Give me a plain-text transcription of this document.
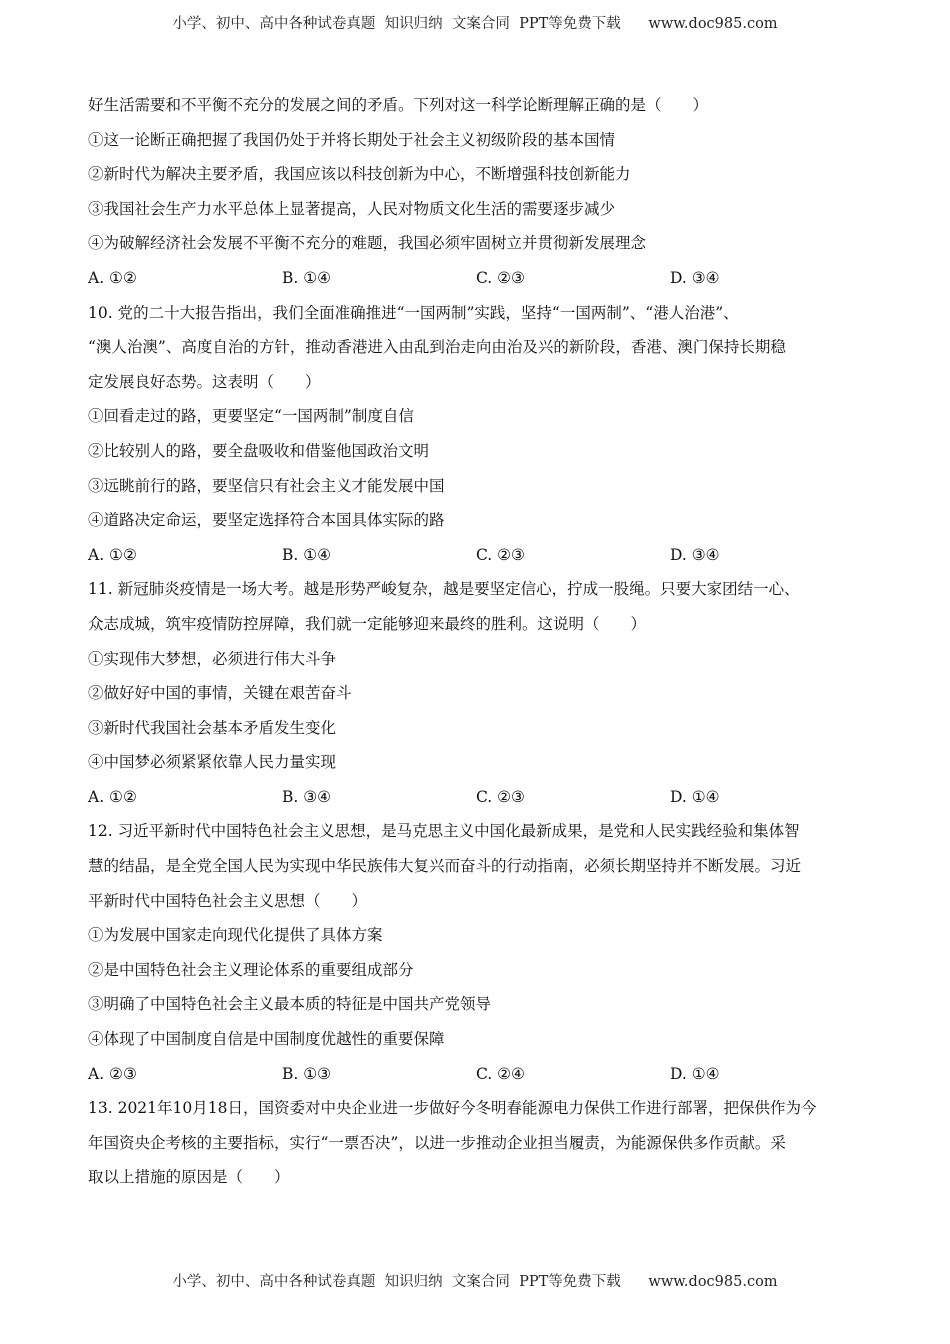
小学、初中、高中各种试卷真题  知识归纳  文案合同  PPT等免费下载      www.doc985.com
好生活需要和不平衡不充分的发展之间的矛盾。下列对这一科学论断理解正确的是（　　）
①这一论断正确把握了我国仍处于并将长期处于社会主义初级阶段的基本国情
②新时代为解决主要矛盾，我国应该以科技创新为中心，不断增强科技创新能力
③我国社会生产力水平总体上显著提高，人民对物质文化生活的需要逐步减少
④为破解经济社会发展不平衡不充分的难题，我国必须牢固树立并贯彻新发展理念
A. ①②	B. ①④	C. ②③	D. ③④
10. 党的二十大报告指出，我们全面准确推进“一国两制”实践，坚持“一国两制”、“港人治港”、
“澳人治澳”、高度自治的方针，推动香港进入由乱到治走向由治及兴的新阶段，香港、澳门保持长期稳
定发展良好态势。这表明（　　）
①回看走过的路，更要坚定“一国两制”制度自信
②比较别人的路，要全盘吸收和借鉴他国政治文明
③远眺前行的路，要坚信只有社会主义才能发展中国
④道路决定命运，要坚定选择符合本国具体实际的路
A. ①②	B. ①④	C. ②③	D. ③④
11. 新冠肺炎疫情是一场大考。越是形势严峻复杂，越是要坚定信心，拧成一股绳。只要大家团结一心、
众志成城，筑牢疫情防控屏障，我们就一定能够迎来最终的胜利。这说明（　　）
①实现伟大梦想，必须进行伟大斗争
②做好好中国的事情，关键在艰苦奋斗
③新时代我国社会基本矛盾发生变化
④中国梦必须紧紧依靠人民力量实现
A. ①②	B. ③④	C. ②③	D. ①④
12. 习近平新时代中国特色社会主义思想，是马克思主义中国化最新成果，是党和人民实践经验和集体智
慧的结晶，是全党全国人民为实现中华民族伟大复兴而奋斗的行动指南，必须长期坚持并不断发展。习近
平新时代中国特色社会主义思想（　　）
①为发展中国家走向现代化提供了具体方案
②是中国特色社会主义理论体系的重要组成部分
③明确了中国特色社会主义最本质的特征是中国共产党领导
④体现了中国制度自信是中国制度优越性的重要保障
A. ②③	B. ①③	C. ②④	D. ①④
13. 2021年10月18日，国资委对中央企业进一步做好今冬明春能源电力保供工作进行部署，把保供作为今
年国资央企考核的主要指标，实行“一票否决”，以进一步推动企业担当履责，为能源保供多作贡献。采
取以上措施的原因是（　　）
小学、初中、高中各种试卷真题  知识归纳  文案合同  PPT等免费下载      www.doc985.com
